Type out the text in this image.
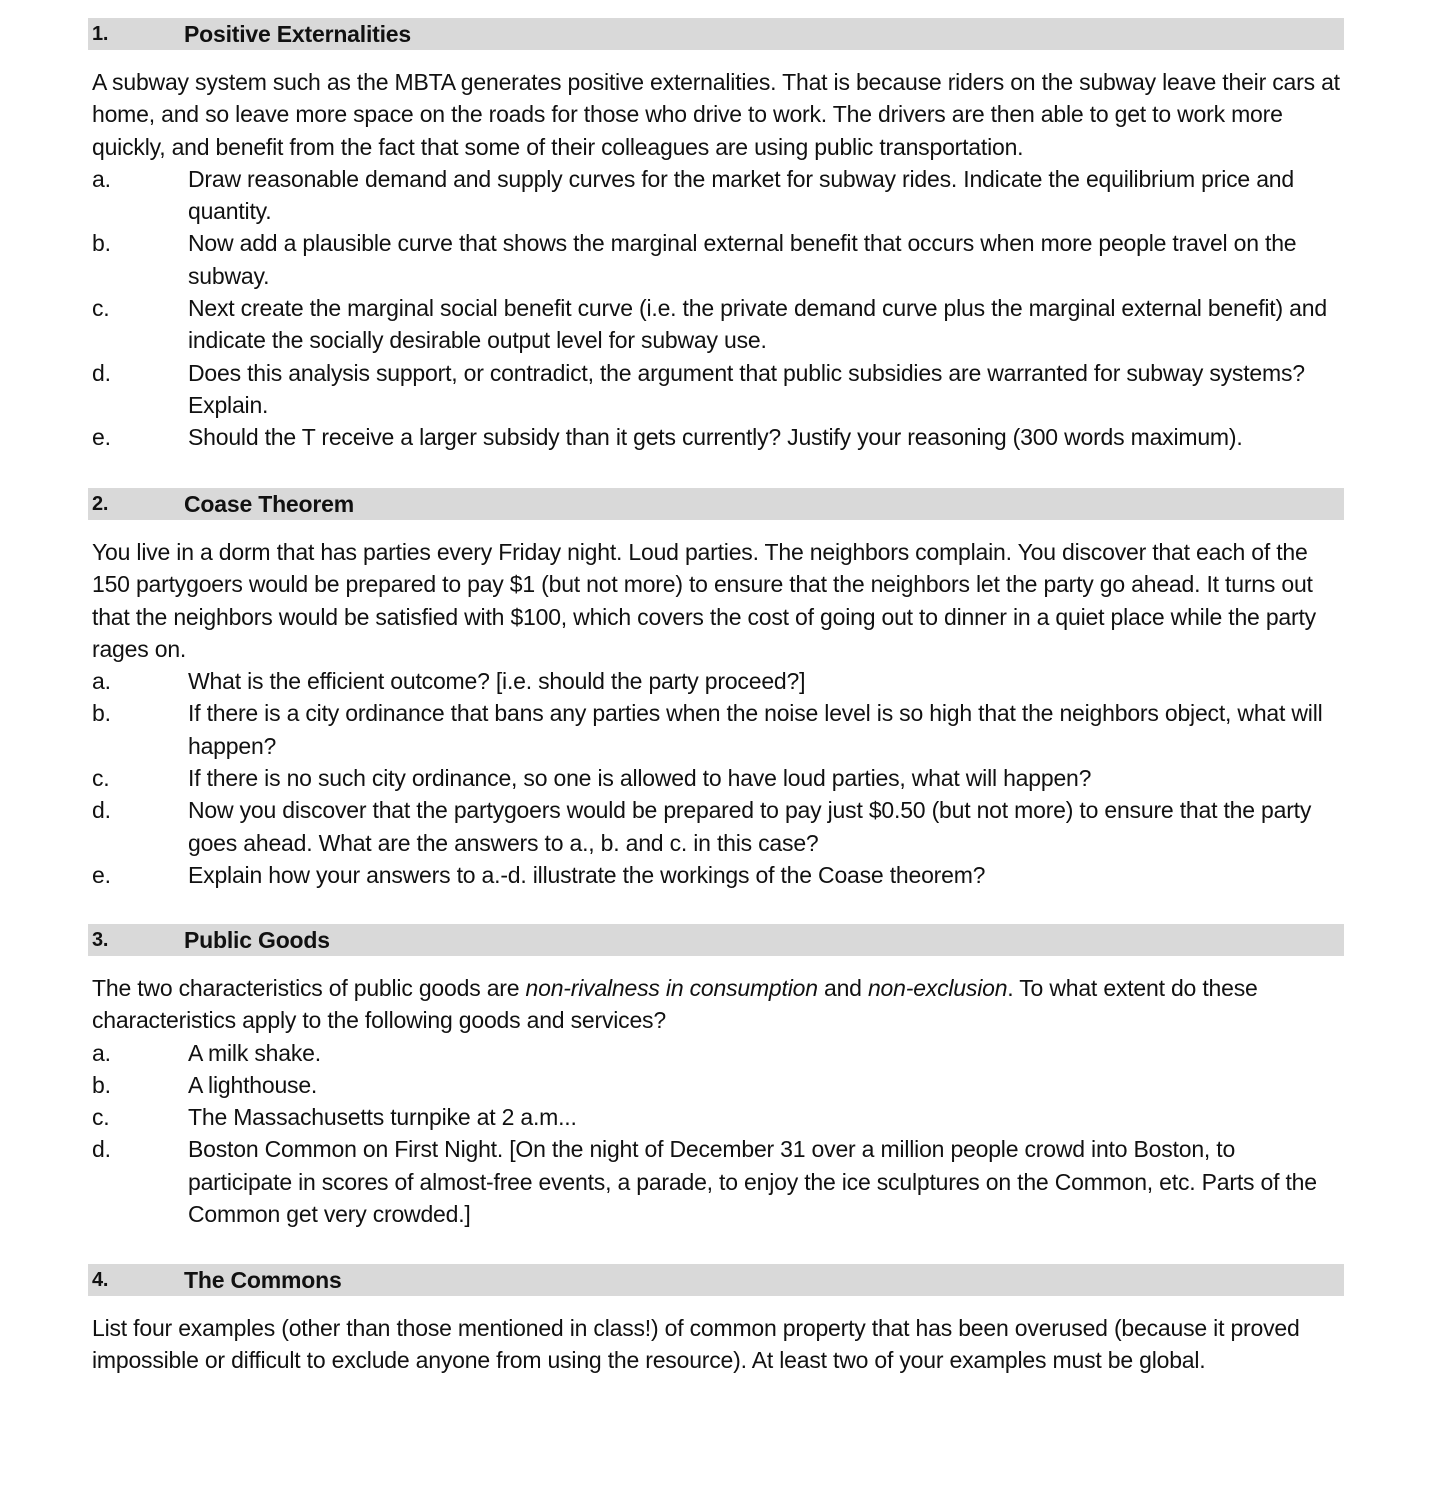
1.	Positive Externalities
A subway system such as the MBTA generates positive externalities. That is because riders on the subway leave their cars at home, and so leave more space on the roads for those who drive to work. The drivers are then able to get to work more quickly, and benefit from the fact that some of their colleagues are using public transportation.
a.	Draw reasonable demand and supply curves for the market for subway rides. Indicate the equilibrium price and quantity.
b.	Now add a plausible curve that shows the marginal external benefit that occurs when more people travel on the subway.
c.	Next create the marginal social benefit curve (i.e. the private demand curve plus the marginal external benefit) and indicate the socially desirable output level for subway use.
d.	Does this analysis support, or contradict, the argument that public subsidies are warranted for subway systems? Explain.
e.	Should the T receive a larger subsidy than it gets currently? Justify your reasoning (300 words maximum).
2.	Coase Theorem
You live in a dorm that has parties every Friday night. Loud parties. The neighbors complain. You discover that each of the 150 partygoers would be prepared to pay $1 (but not more) to ensure that the neighbors let the party go ahead. It turns out that the neighbors would be satisfied with $100, which covers the cost of going out to dinner in a quiet place while the party rages on.
a.	What is the efficient outcome? [i.e. should the party proceed?]
b.	If there is a city ordinance that bans any parties when the noise level is so high that the neighbors object, what will happen?
c.	If there is no such city ordinance, so one is allowed to have loud parties, what will happen?
d.	Now you discover that the partygoers would be prepared to pay just $0.50 (but not more) to ensure that the party goes ahead. What are the answers to a., b. and c. in this case?
e.	Explain how your answers to a.-d. illustrate the workings of the Coase theorem?
3.	Public Goods
The two characteristics of public goods are non-rivalness in consumption and non-exclusion. To what extent do these characteristics apply to the following goods and services?
a.	A milk shake.
b.	A lighthouse.
c.	The Massachusetts turnpike at 2 a.m...
d.	Boston Common on First Night. [On the night of December 31 over a million people crowd into Boston, to participate in scores of almost-free events, a parade, to enjoy the ice sculptures on the Common, etc. Parts of the Common get very crowded.]
4.	The Commons
List four examples (other than those mentioned in class!) of common property that has been overused (because it proved impossible or difficult to exclude anyone from using the resource). At least two of your examples must be global.
